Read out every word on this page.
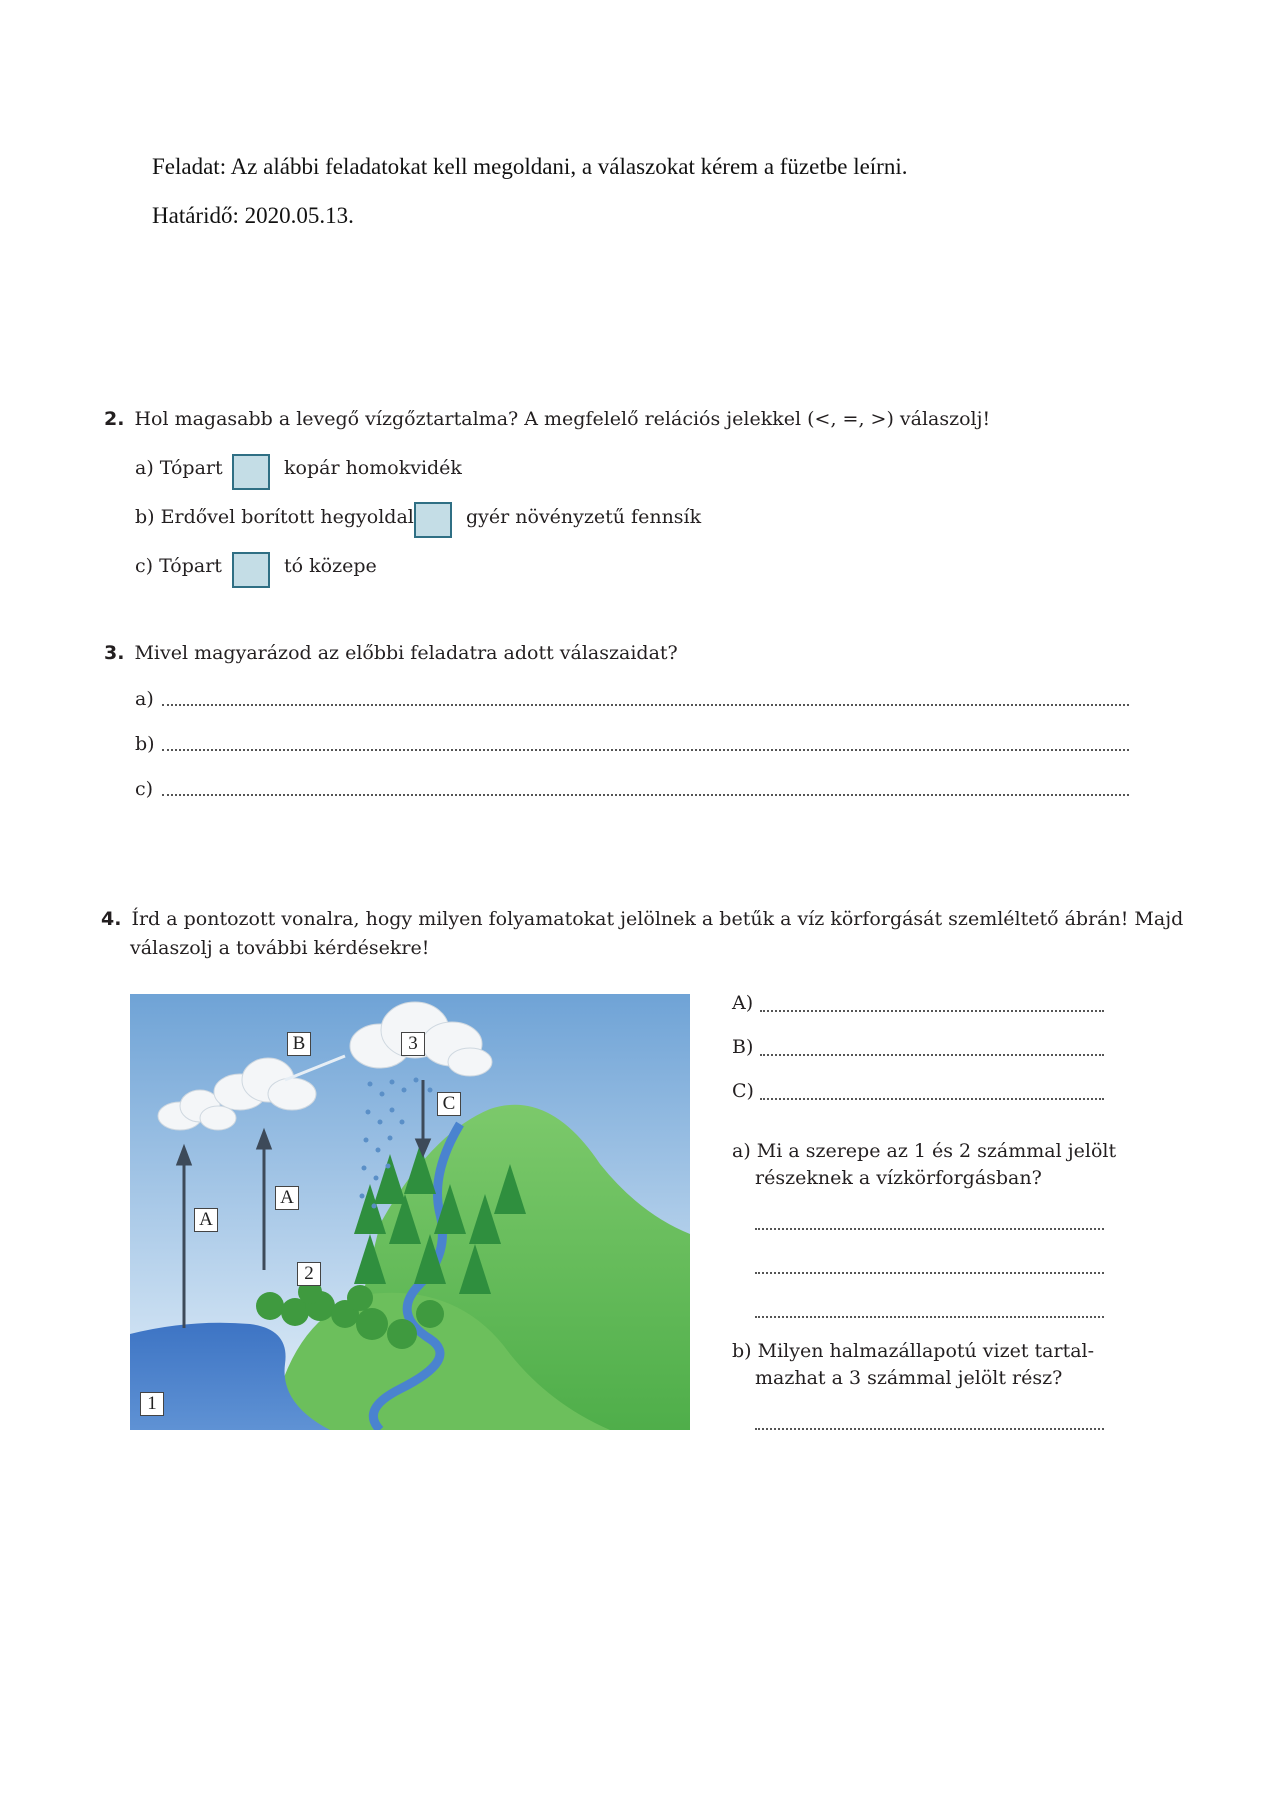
Feladat: Az alábbi feladatokat kell megoldani, a válaszokat kérem a füzetbe leírni.
Határidő: 2020.05.13.
2. Hol magasabb a levegő vízgőztartalma? A megfelelő relációs jelekkel (<, =, >) válaszolj!
a) Tópart	kopár homokvidék
b) Erdővel borított hegyoldal	gyér növényzetű fennsík
c) Tópart	tó közepe
3. Mivel magyarázod az előbbi feladatra adott válaszaidat?
a)
b)
c)
4. Írd a pontozott vonalra, hogy milyen folyamatokat jelölnek a betűk a víz körforgását szemléltető ábrán! Majd
válaszolj a további kérdésekre!
B	3
C
A
A
2
1
A)
B)
C)
a) Mi a szerepe az 1 és 2 számmal jelölt
részeknek a vízkörforgásban?
b) Milyen halmazállapotú vizet tartal-
mazhat a 3 számmal jelölt rész?
